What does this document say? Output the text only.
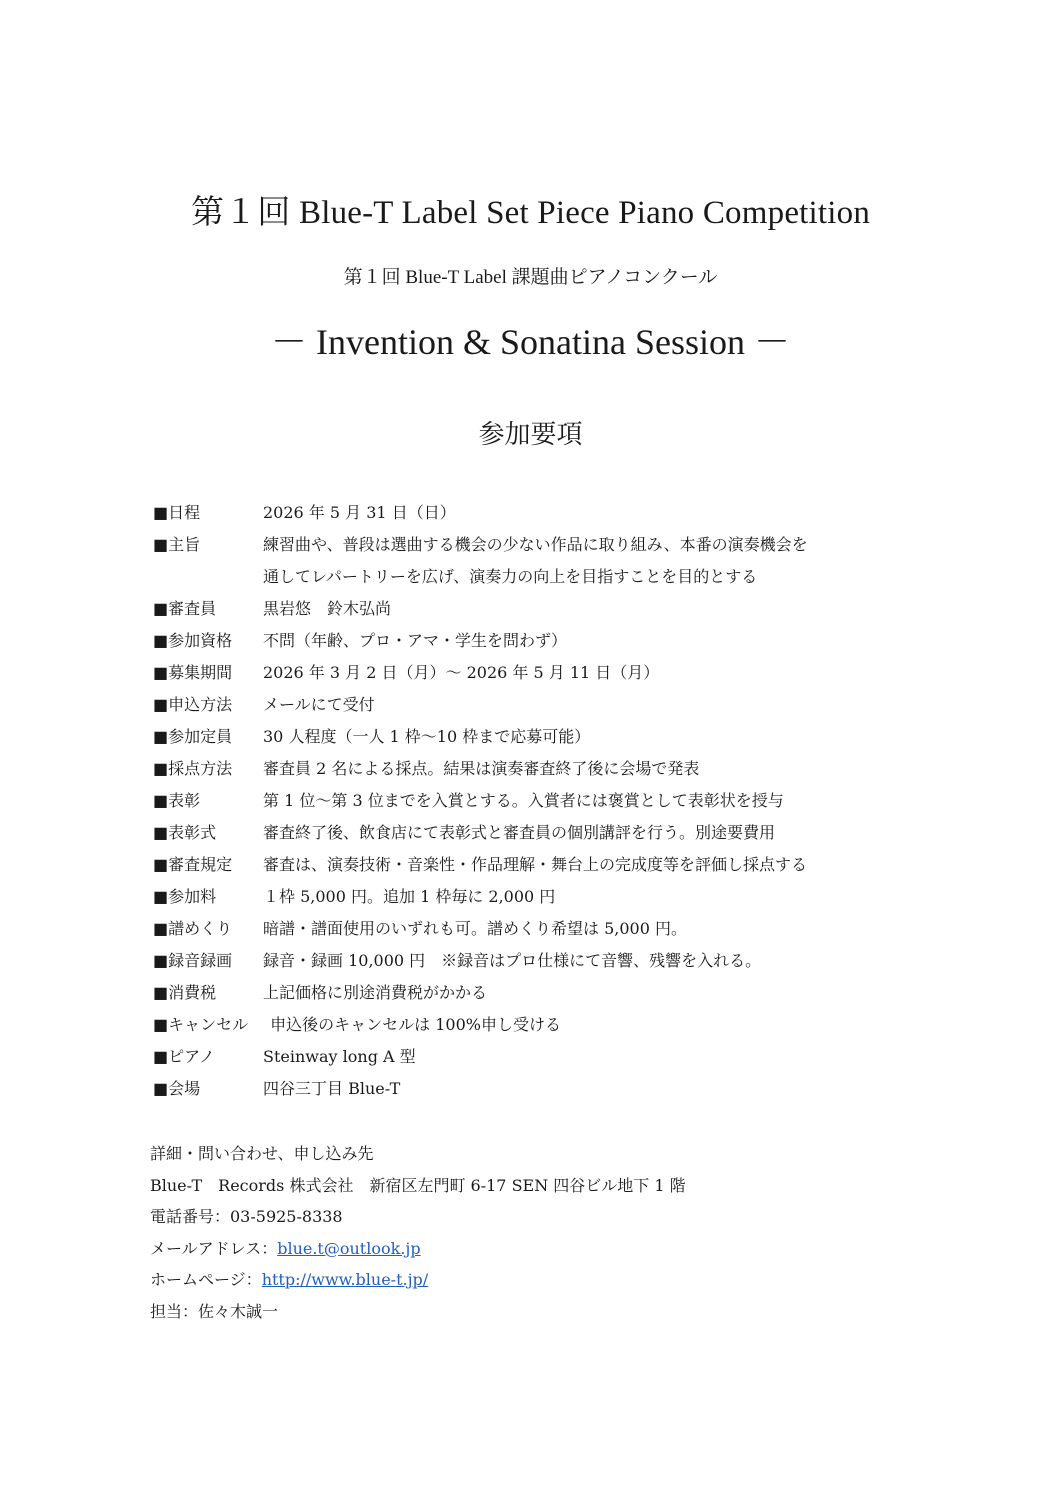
第１回 Blue-T Label Set Piece Piano Competition
第１回 Blue-T Label 課題曲ピアノコンクール
－ Invention & Sonatina Session －
参加要項
■日程	2026 年 5 月 31 日（日）
■主旨	練習曲や、普段は選曲する機会の少ない作品に取り組み、本番の演奏機会を
通してレパートリーを広げ、演奏力の向上を目指すことを目的とする
■審査員	黒岩悠　鈴木弘尚
■参加資格	不問（年齢、プロ・アマ・学生を問わず）
■募集期間	2026 年 3 月 2 日（月）～ 2026 年 5 月 11 日（月）
■申込方法	メールにて受付
■参加定員	30 人程度（一人 1 枠～10 枠まで応募可能）
■採点方法	審査員 2 名による採点。結果は演奏審査終了後に会場で発表
■表彰	第 1 位～第 3 位までを入賞とする。入賞者には褒賞として表彰状を授与
■表彰式	審査終了後、飲食店にて表彰式と審査員の個別講評を行う。別途要費用
■審査規定	審査は、演奏技術・音楽性・作品理解・舞台上の完成度等を評価し採点する
■参加料	１枠 5,000 円。追加 1 枠毎に 2,000 円
■譜めくり	暗譜・譜面使用のいずれも可。譜めくり希望は 5,000 円。
■録音録画	録音・録画 10,000 円　※録音はプロ仕様にて音響、残響を入れる。
■消費税	上記価格に別途消費税がかかる
■キャンセル 申込後のキャンセルは 100%申し受ける
■ピアノ	Steinway long A 型
■会場	四谷三丁目 Blue-T
詳細・問い合わせ、申し込み先
Blue-T　Records 株式会社　新宿区左門町 6-17 SEN 四谷ビル地下 1 階
電話番号：03-5925-8338
メールアドレス：blue.t@outlook.jp
ホームページ：http://www.blue-t.jp/
担当：佐々木誠一
